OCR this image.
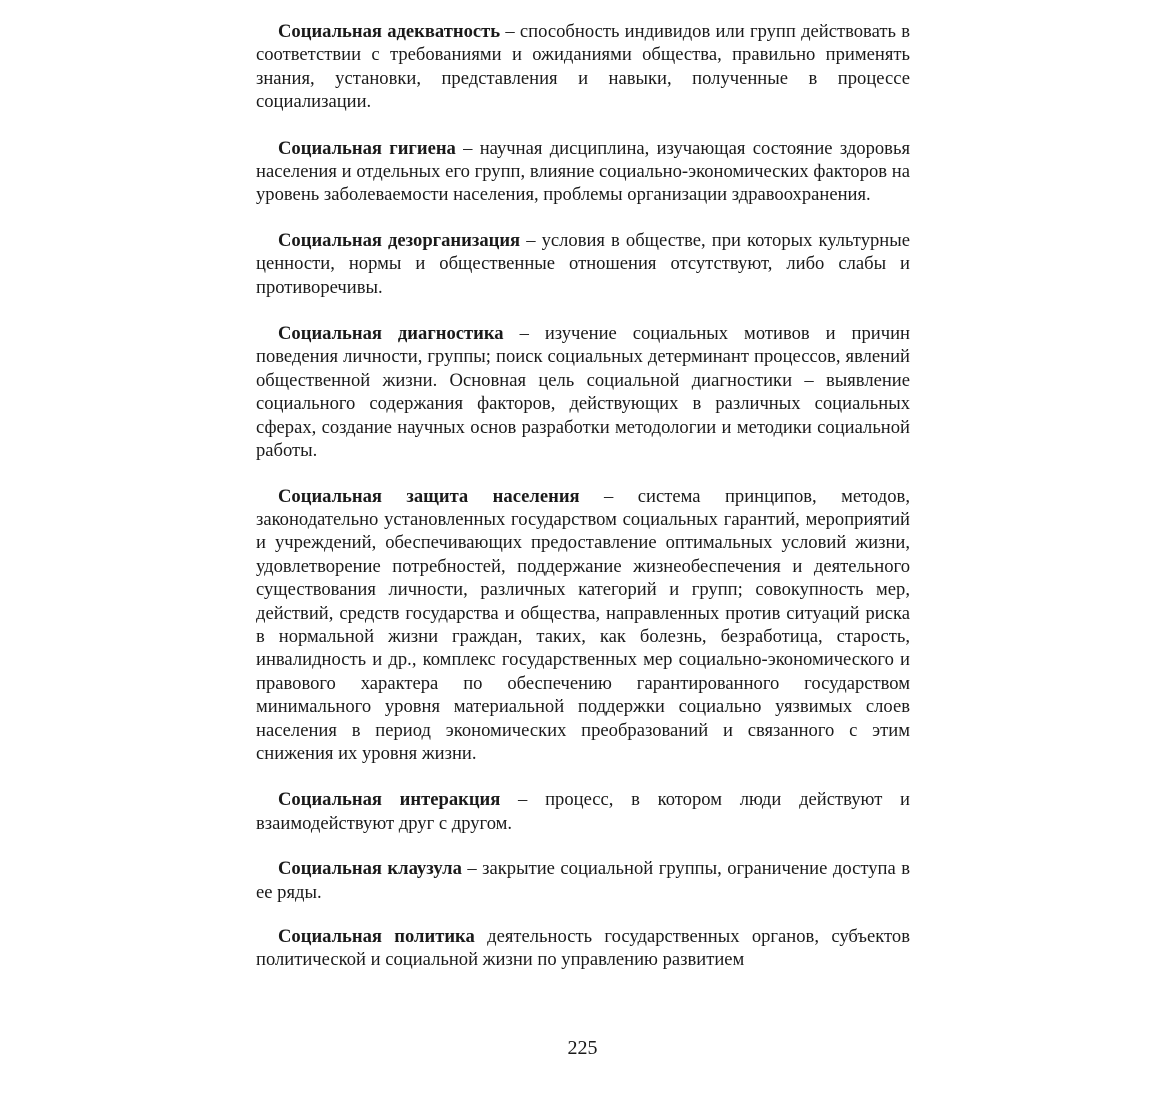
Социальная адекватность – способность индивидов или групп действовать в соответствии с требованиями и ожиданиями общества, правильно применять знания, установки, представления и навыки, полученные в процессе социализации.

Социальная гигиена – научная дисциплина, изучающая состояние здоровья населения и отдельных его групп, влияние социально-экономических факторов на уровень заболеваемости населения, проблемы организации здравоохранения.

Социальная дезорганизация – условия в обществе, при которых культурные ценности, нормы и общественные отношения отсутствуют, либо слабы и противоречивы.

Социальная диагностика – изучение социальных мотивов и причин поведения личности, группы; поиск социальных детерминант процессов, явлений общественной жизни. Основная цель социальной диагностики – выявление социального содержания факторов, действующих в различных социальных сферах, создание научных основ разработки методологии и методики социальной работы.

Социальная защита населения – система принципов, методов, законодательно установленных государством социальных гарантий, мероприятий и учреждений, обеспечивающих предоставление оптимальных условий жизни, удовлетворение потребностей, поддержание жизнеобеспечения и деятельного существования личности, различных категорий и групп; совокупность мер, действий, средств государства и общества, направленных против ситуаций риска в нормальной жизни граждан, таких, как болезнь, безработица, старость, инвалидность и др., комплекс государственных мер социально-экономического и правового характера по обеспечению гарантированного государством минимального уровня материальной поддержки социально уязвимых слоев населения в период экономических преобразований и связанного с этим снижения их уровня жизни.

Социальная интеракция – процесс, в котором люди действуют и взаимодействуют друг с другом.

Социальная клаузула – закрытие социальной группы, ограничение доступа в ее ряды.

Социальная политика деятельность государственных органов, субъектов политической и социальной жизни по управлению развитием

225
